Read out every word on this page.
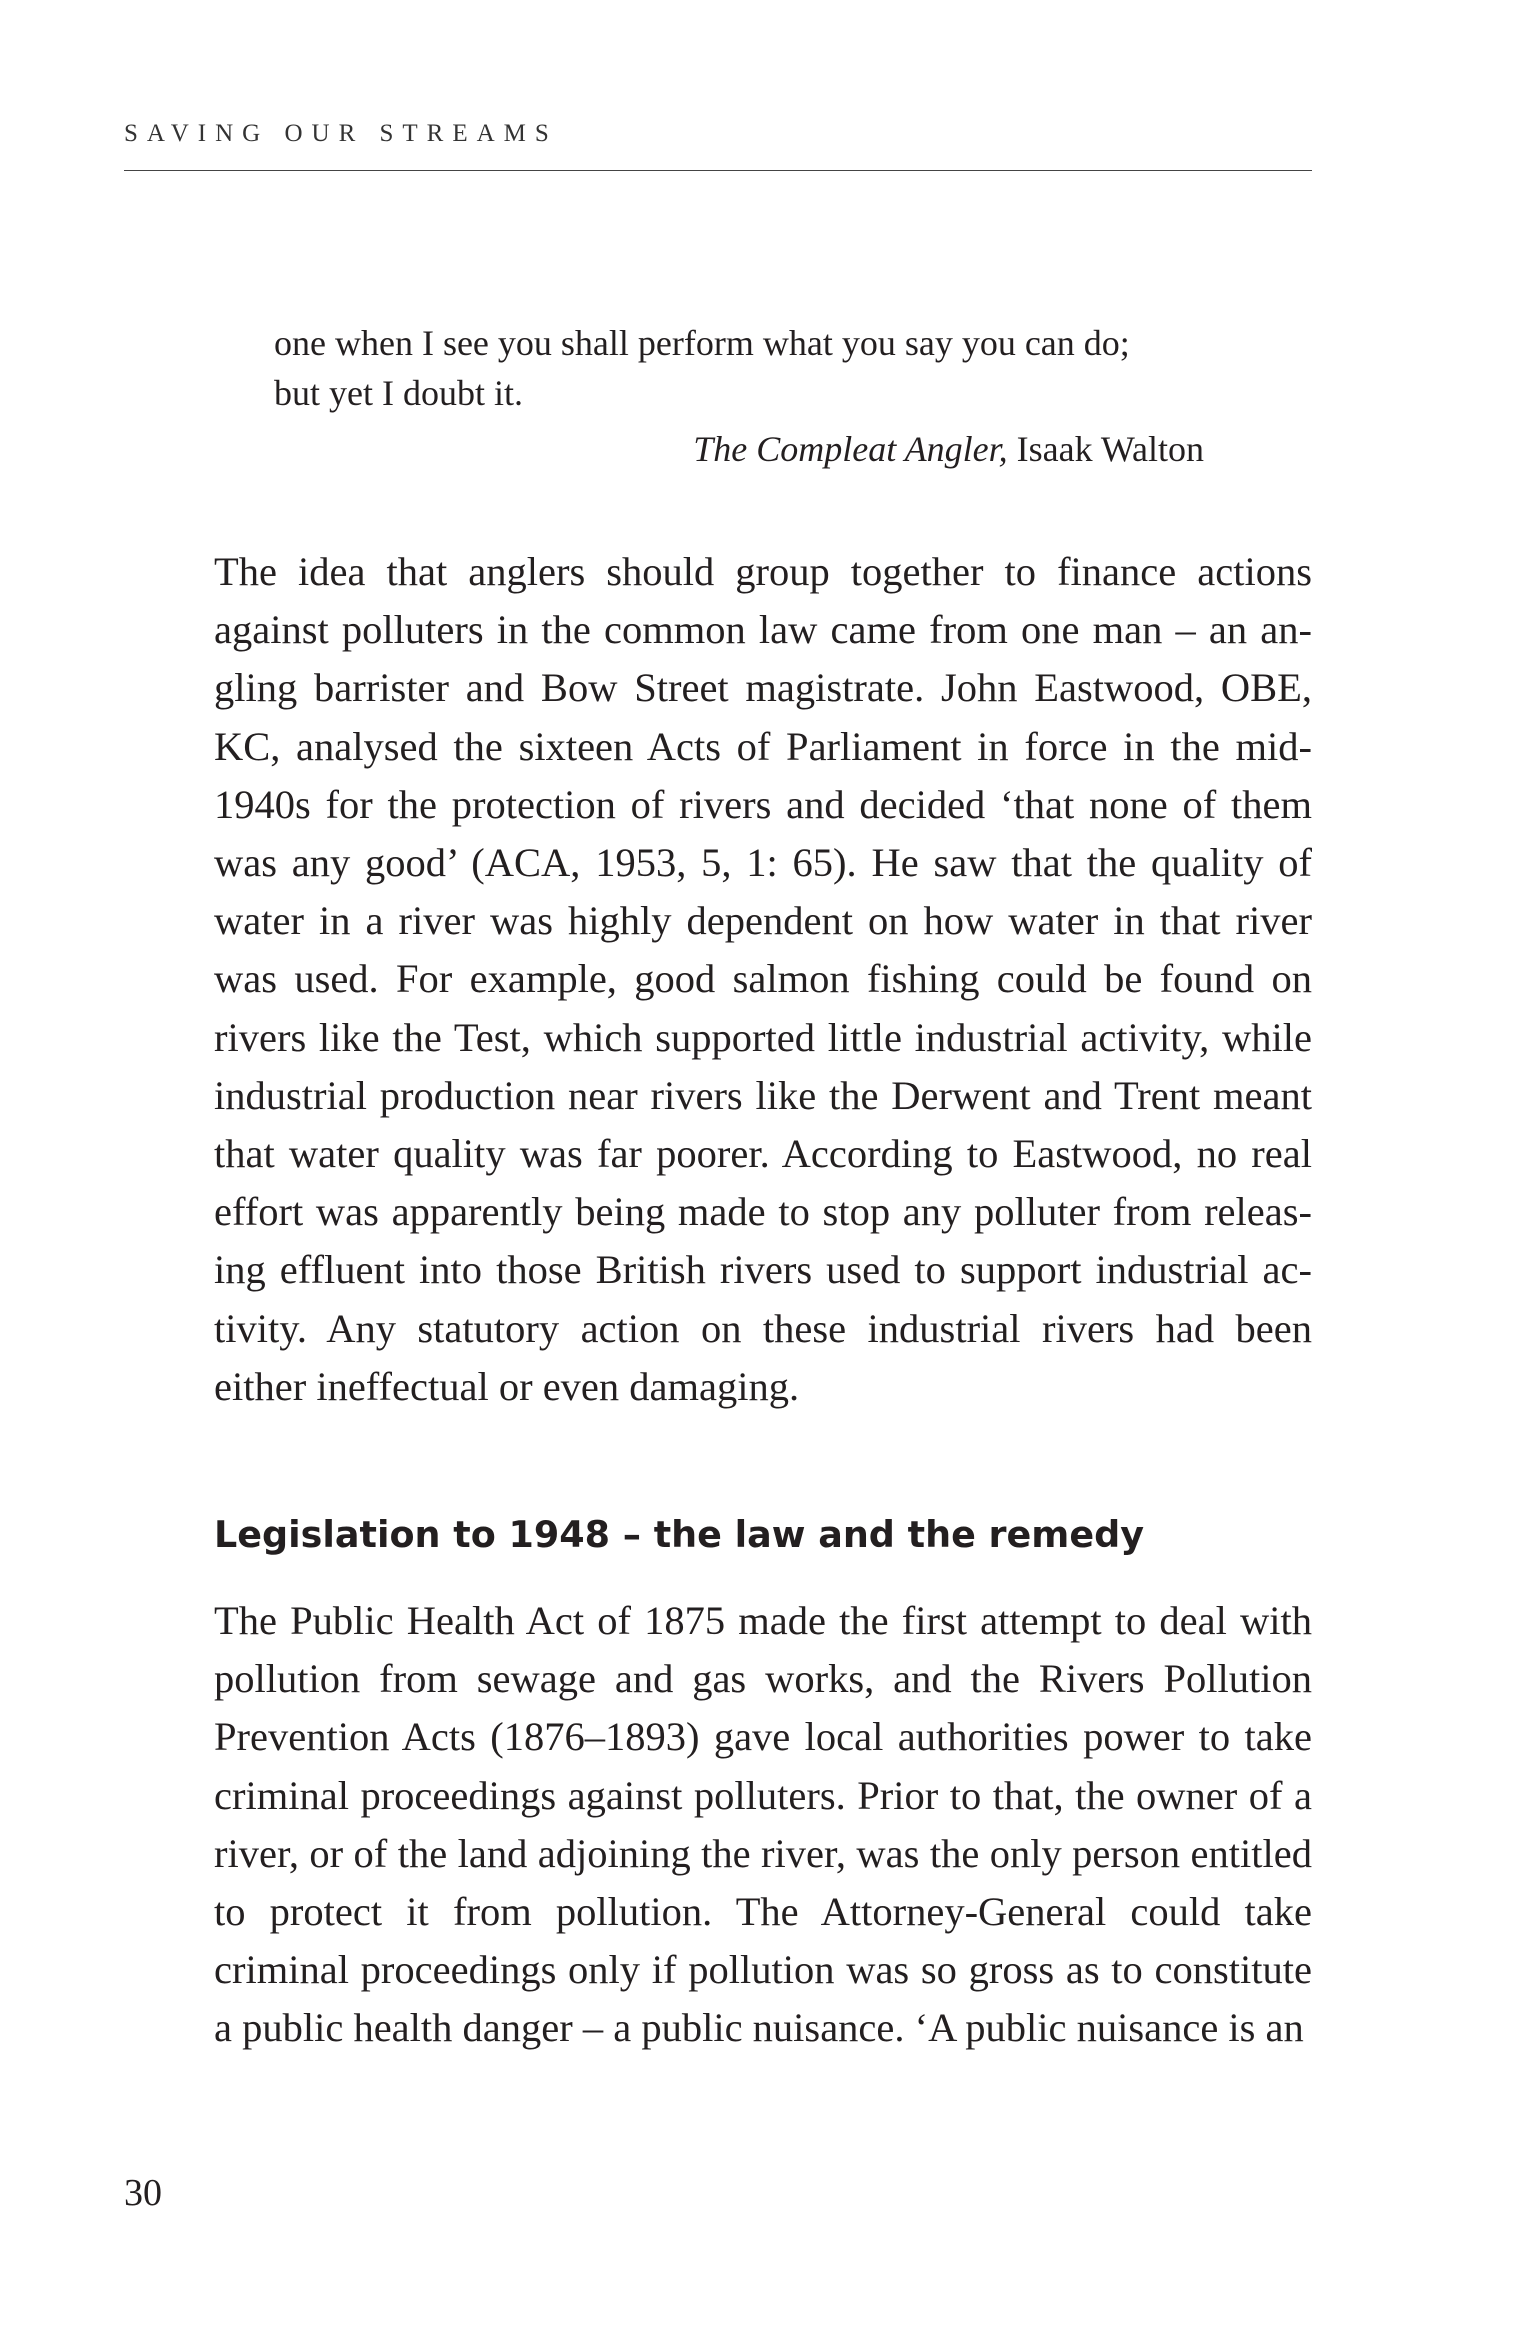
SAVING OUR STREAMS
one when I see you shall perform what you say you can do;
but yet I doubt it.
The Compleat Angler, Isaak Walton

The idea that anglers should group together to finance actions against polluters in the common law came from one man – an angling barrister and Bow Street magistrate. John Eastwood, OBE, KC, analysed the sixteen Acts of Parliament in force in the mid-1940s for the protection of rivers and decided ‘that none of them was any good’ (ACA, 1953, 5, 1: 65). He saw that the quality of water in a river was highly dependent on how water in that river was used. For example, good salmon fishing could be found on rivers like the Test, which supported little industrial activity, while industrial production near rivers like the Derwent and Trent meant that water quality was far poorer. According to Eastwood, no real effort was apparently being made to stop any polluter from releasing effluent into those British rivers used to support industrial activity. Any statutory action on these industrial rivers had been either ineffectual or even damaging.

Legislation to 1948 – the law and the remedy

The Public Health Act of 1875 made the first attempt to deal with pollution from sewage and gas works, and the Rivers Pollution Prevention Acts (1876–1893) gave local authorities power to take criminal proceedings against polluters. Prior to that, the owner of a river, or of the land adjoining the river, was the only person entitled to protect it from pollution. The Attorney-General could take criminal proceedings only if pollution was so gross as to constitute a public health danger – a public nuisance. ‘A public nuisance is an

30
